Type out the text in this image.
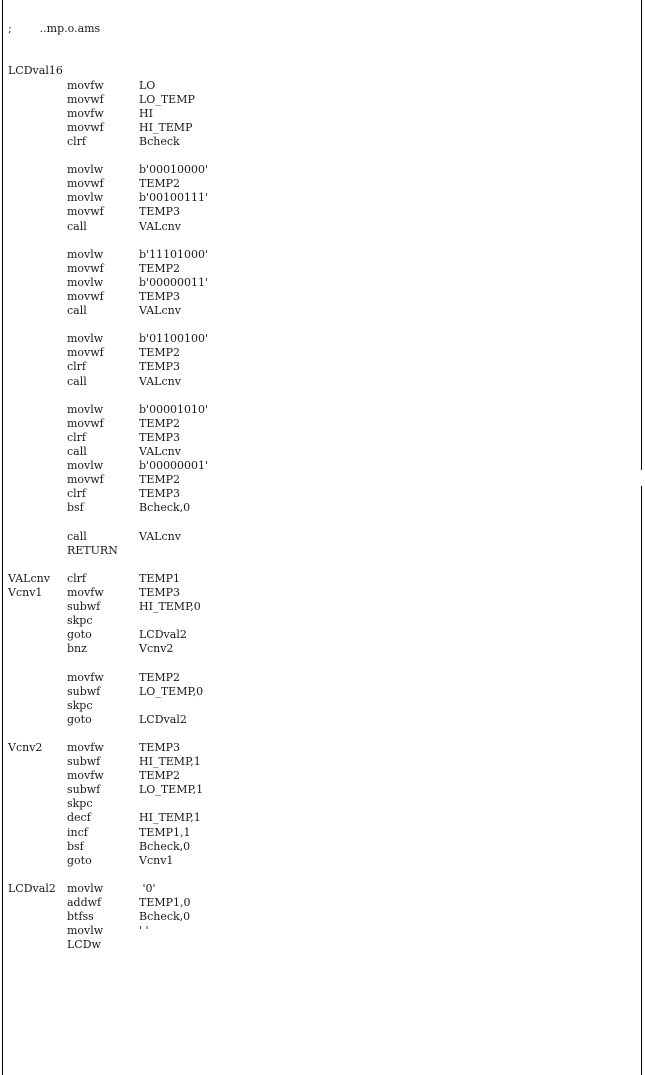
;        ..mp.o.ams

LCDval16
movfw	LO
movwf	LO_TEMP
movfw	HI
movwf	HI_TEMP
clrf	Bcheck
movlw	b'00010000'
movwf	TEMP2
movlw	b'00100111'
movwf	TEMP3
call	VALcnv
movlw	b'11101000'
movwf	TEMP2
movlw	b'00000011'
movwf	TEMP3
call	VALcnv
movlw	b'01100100'
movwf	TEMP2
clrf	TEMP3
call	VALcnv
movlw	b'00001010'
movwf	TEMP2
clrf	TEMP3
call	VALcnv
movlw	b'00000001'
movwf	TEMP2
clrf	TEMP3
bsf	Bcheck,0
call	VALcnv
RETURN
VALcnv clrf	TEMP1
Vcnv1 movfw	TEMP3
subwf	HI_TEMP,0
skpc
goto	LCDval2
bnz	Vcnv2
movfw	TEMP2
subwf	LO_TEMP,0
skpc
goto	LCDval2
Vcnv2 movfw	TEMP3
subwf	HI_TEMP,1
movfw	TEMP2
subwf	LO_TEMP,1
skpc
decf	HI_TEMP,1
incf	TEMP1,1
bsf	Bcheck,0
goto	Vcnv1
LCDval2 movlw	'0'
addwf	TEMP1,0
btfss	Bcheck,0
movlw	' '
LCDw
